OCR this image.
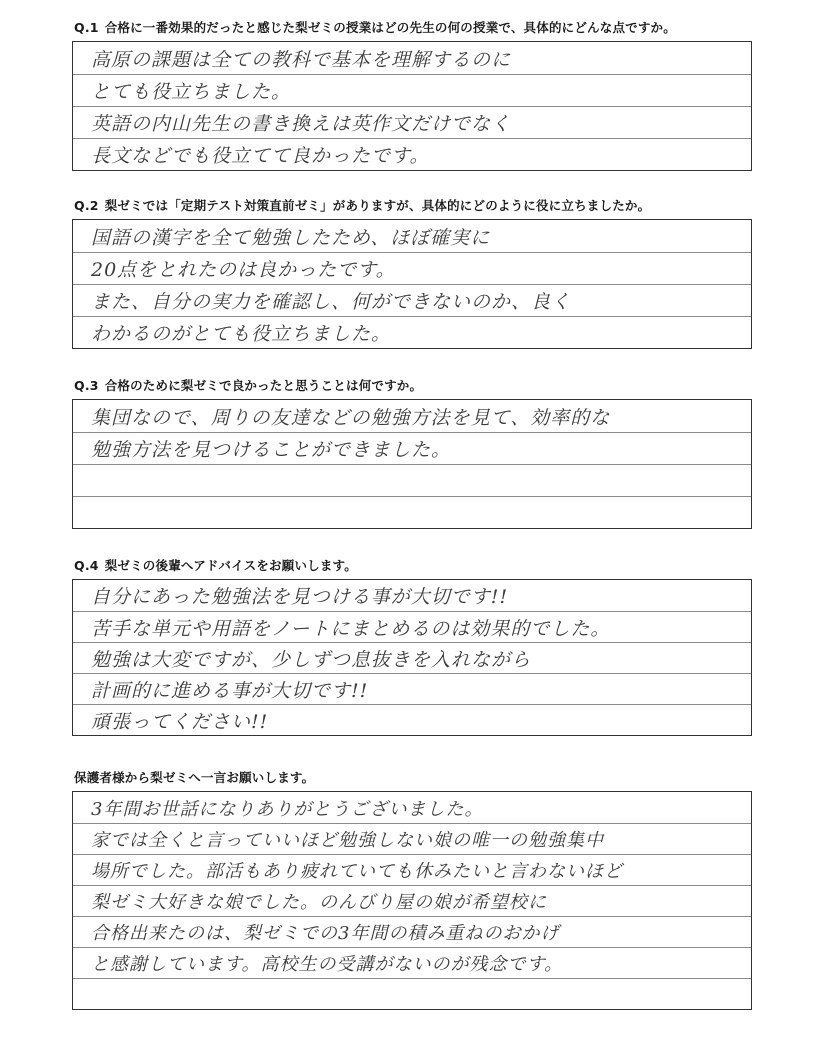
Q.1 合格に一番効果的だったと感じた梨ゼミの授業はどの先生の何の授業で、具体的にどんな点ですか。
高原の課題は全ての教科で基本を理解するのに
とても役立ちました。
英語の内山先生の書き換えは英作文だけでなく
長文などでも役立てて良かったです。
Q.2 梨ゼミでは「定期テスト対策直前ゼミ」がありますが、具体的にどのように役に立ちましたか。
国語の漢字を全て勉強したため、ほぼ確実に
20点をとれたのは良かったです。
また、自分の実力を確認し、何ができないのか、良く
わかるのがとても役立ちました。
Q.3 合格のために梨ゼミで良かったと思うことは何ですか。
集団なので、周りの友達などの勉強方法を見て、効率的な
勉強方法を見つけることができました。
Q.4 梨ゼミの後輩へアドバイスをお願いします。
自分にあった勉強法を見つける事が大切です!!
苦手な単元や用語をノートにまとめるのは効果的でした。
勉強は大変ですが、少しずつ息抜きを入れながら
計画的に進める事が大切です!!
頑張ってください!!
保護者様から梨ゼミへ一言お願いします。
3年間お世話になりありがとうございました。
家では全くと言っていいほど勉強しない娘の唯一の勉強集中
場所でした。部活もあり疲れていても休みたいと言わないほど
梨ゼミ大好きな娘でした。のんびり屋の娘が希望校に
合格出来たのは、梨ゼミでの3年間の積み重ねのおかげ
と感謝しています。高校生の受講がないのが残念です。
